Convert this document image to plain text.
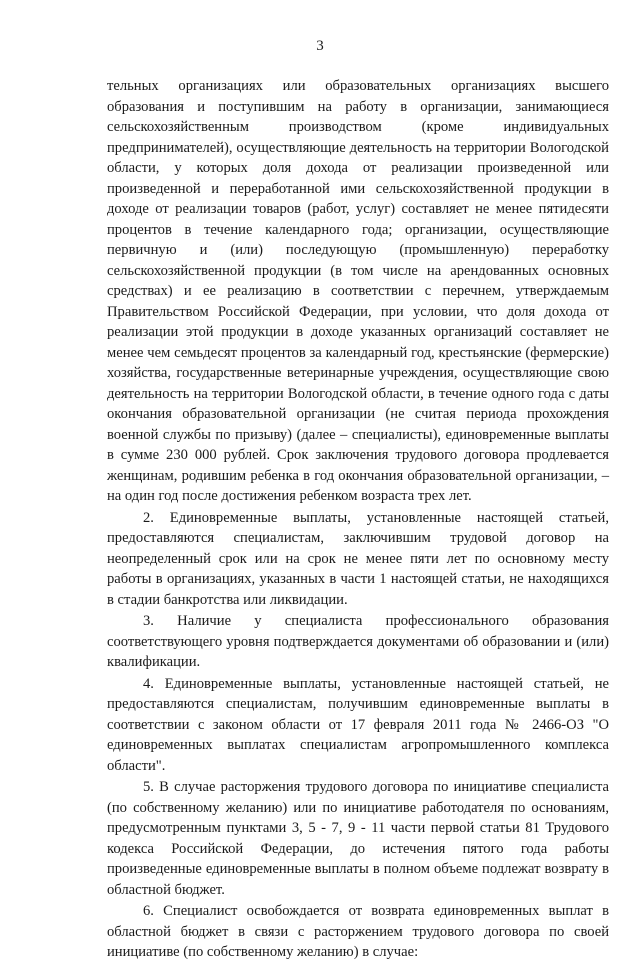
3

тельных организациях или образовательных организациях высшего образования и поступившим на работу в организации, занимающиеся сельскохозяйственным производством (кроме индивидуальных предпринимателей), осуществляющие деятельность на территории Вологодской области, у которых доля дохода от реализации произведенной или произведенной и переработанной ими сельскохозяйственной продукции в доходе от реализации товаров (работ, услуг) составляет не менее пятидесяти процентов в течение календарного года; организации, осуществляющие первичную и (или) последующую (промышленную) переработку сельскохозяйственной продукции (в том числе на арендованных основных средствах) и ее реализацию в соответствии с перечнем, утверждаемым Правительством Российской Федерации, при условии, что доля дохода от реализации этой продукции в доходе указанных организаций составляет не менее чем семьдесят процентов за календарный год, крестьянские (фермерские) хозяйства, государственные ветеринарные учреждения, осуществляющие свою деятельность на территории Вологодской области, в течение одного года с даты окончания образовательной организации (не считая периода прохождения военной службы по призыву) (далее – специалисты), единовременные выплаты в сумме 230 000 рублей. Срок заключения трудового договора продлевается женщинам, родившим ребенка в год окончания образовательной организации, – на один год после достижения ребенком возраста трех лет.

2. Единовременные выплаты, установленные настоящей статьей, предоставляются специалистам, заключившим трудовой договор на неопределенный срок или на срок не менее пяти лет по основному месту работы в организациях, указанных в части 1 настоящей статьи, не находящихся в стадии банкротства или ликвидации.

3. Наличие у специалиста профессионального образования соответствующего уровня подтверждается документами об образовании и (или) квалификации.

4. Единовременные выплаты, установленные настоящей статьей, не предоставляются специалистам, получившим единовременные выплаты в соответствии с законом области от 17 февраля 2011 года № 2466-ОЗ "О единовременных выплатах специалистам агропромышленного комплекса области".

5. В случае расторжения трудового договора по инициативе специалиста (по собственному желанию) или по инициативе работодателя по основаниям, предусмотренным пунктами 3, 5 - 7, 9 - 11 части первой статьи 81 Трудового кодекса Российской Федерации, до истечения пятого года работы произведенные единовременные выплаты в полном объеме подлежат возврату в областной бюджет.

6. Специалист освобождается от возврата единовременных выплат в областной бюджет в связи с расторжением трудового договора по своей инициативе (по собственному желанию) в случае:
